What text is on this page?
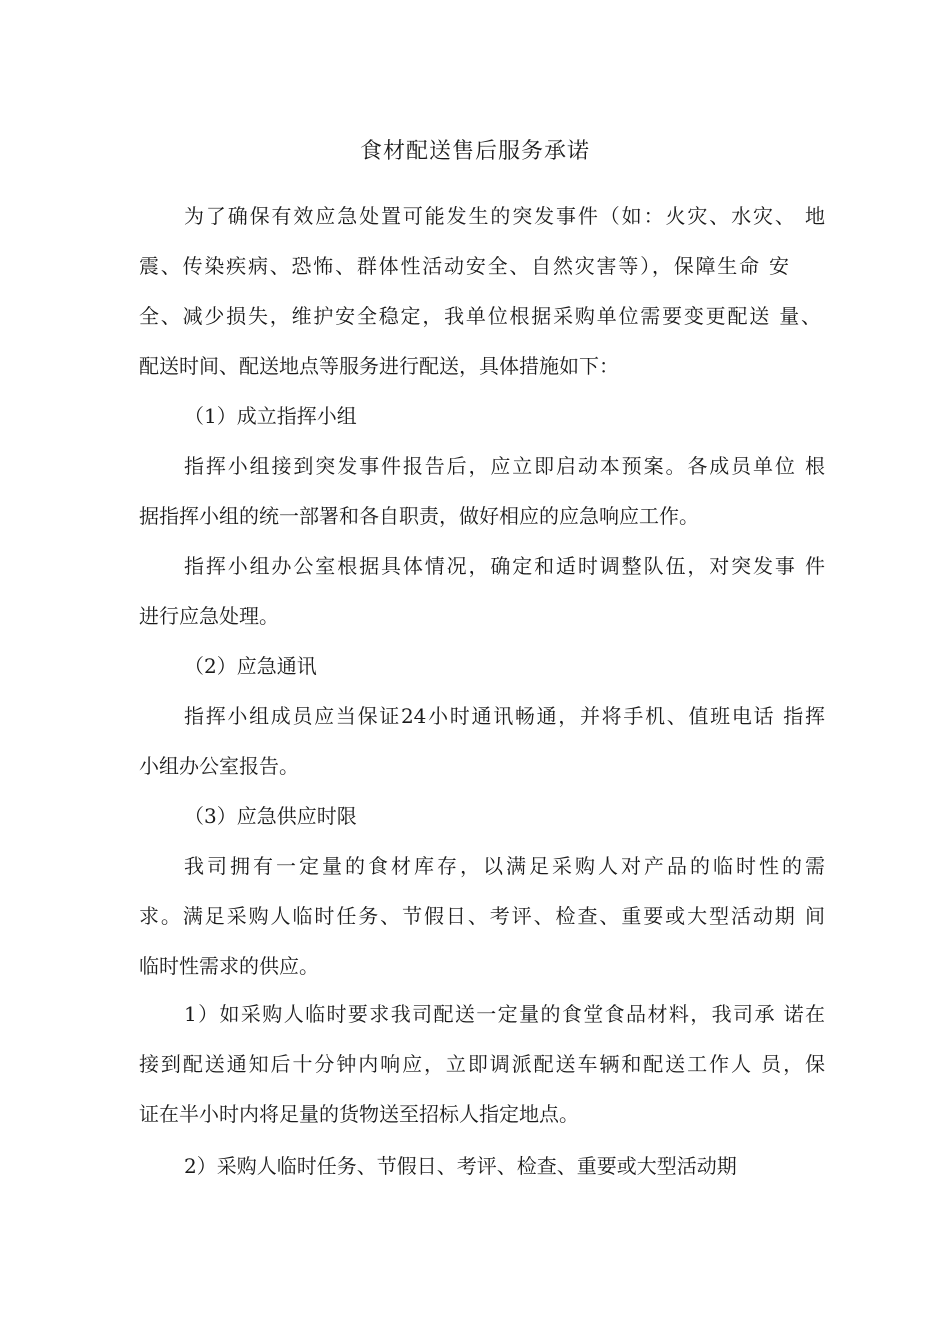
食材配送售后服务承诺
为了确保有效应急处置可能发生的突发事件（如：火灾、水灾、 地
震、传染疾病、恐怖、群体性活动安全、自然灾害等），保障生命 安
全、减少损失，维护安全稳定，我单位根据采购单位需要变更配送 量、
配送时间、配送地点等服务进行配送，具体措施如下：
（1）成立指挥小组
指挥小组接到突发事件报告后，应立即启动本预案。各成员单位 根
据指挥小组的统一部署和各自职责，做好相应的应急响应工作。
指挥小组办公室根据具体情况，确定和适时调整队伍，对突发事 件
进行应急处理。
（2）应急通讯
指挥小组成员应当保证24小时通讯畅通，并将手机、值班电话 指挥
小组办公室报告。
（3）应急供应时限
我司拥有一定量的食材库存，以满足采购人对产品的临时性的需
求。满足采购人临时任务、节假日、考评、检查、重要或大型活动期 间
临时性需求的供应。
1）如采购人临时要求我司配送一定量的食堂食品材料，我司承 诺在
接到配送通知后十分钟内响应，立即调派配送车辆和配送工作人 员，保
证在半小时内将足量的货物送至招标人指定地点。
2）采购人临时任务、节假日、考评、检查、重要或大型活动期
